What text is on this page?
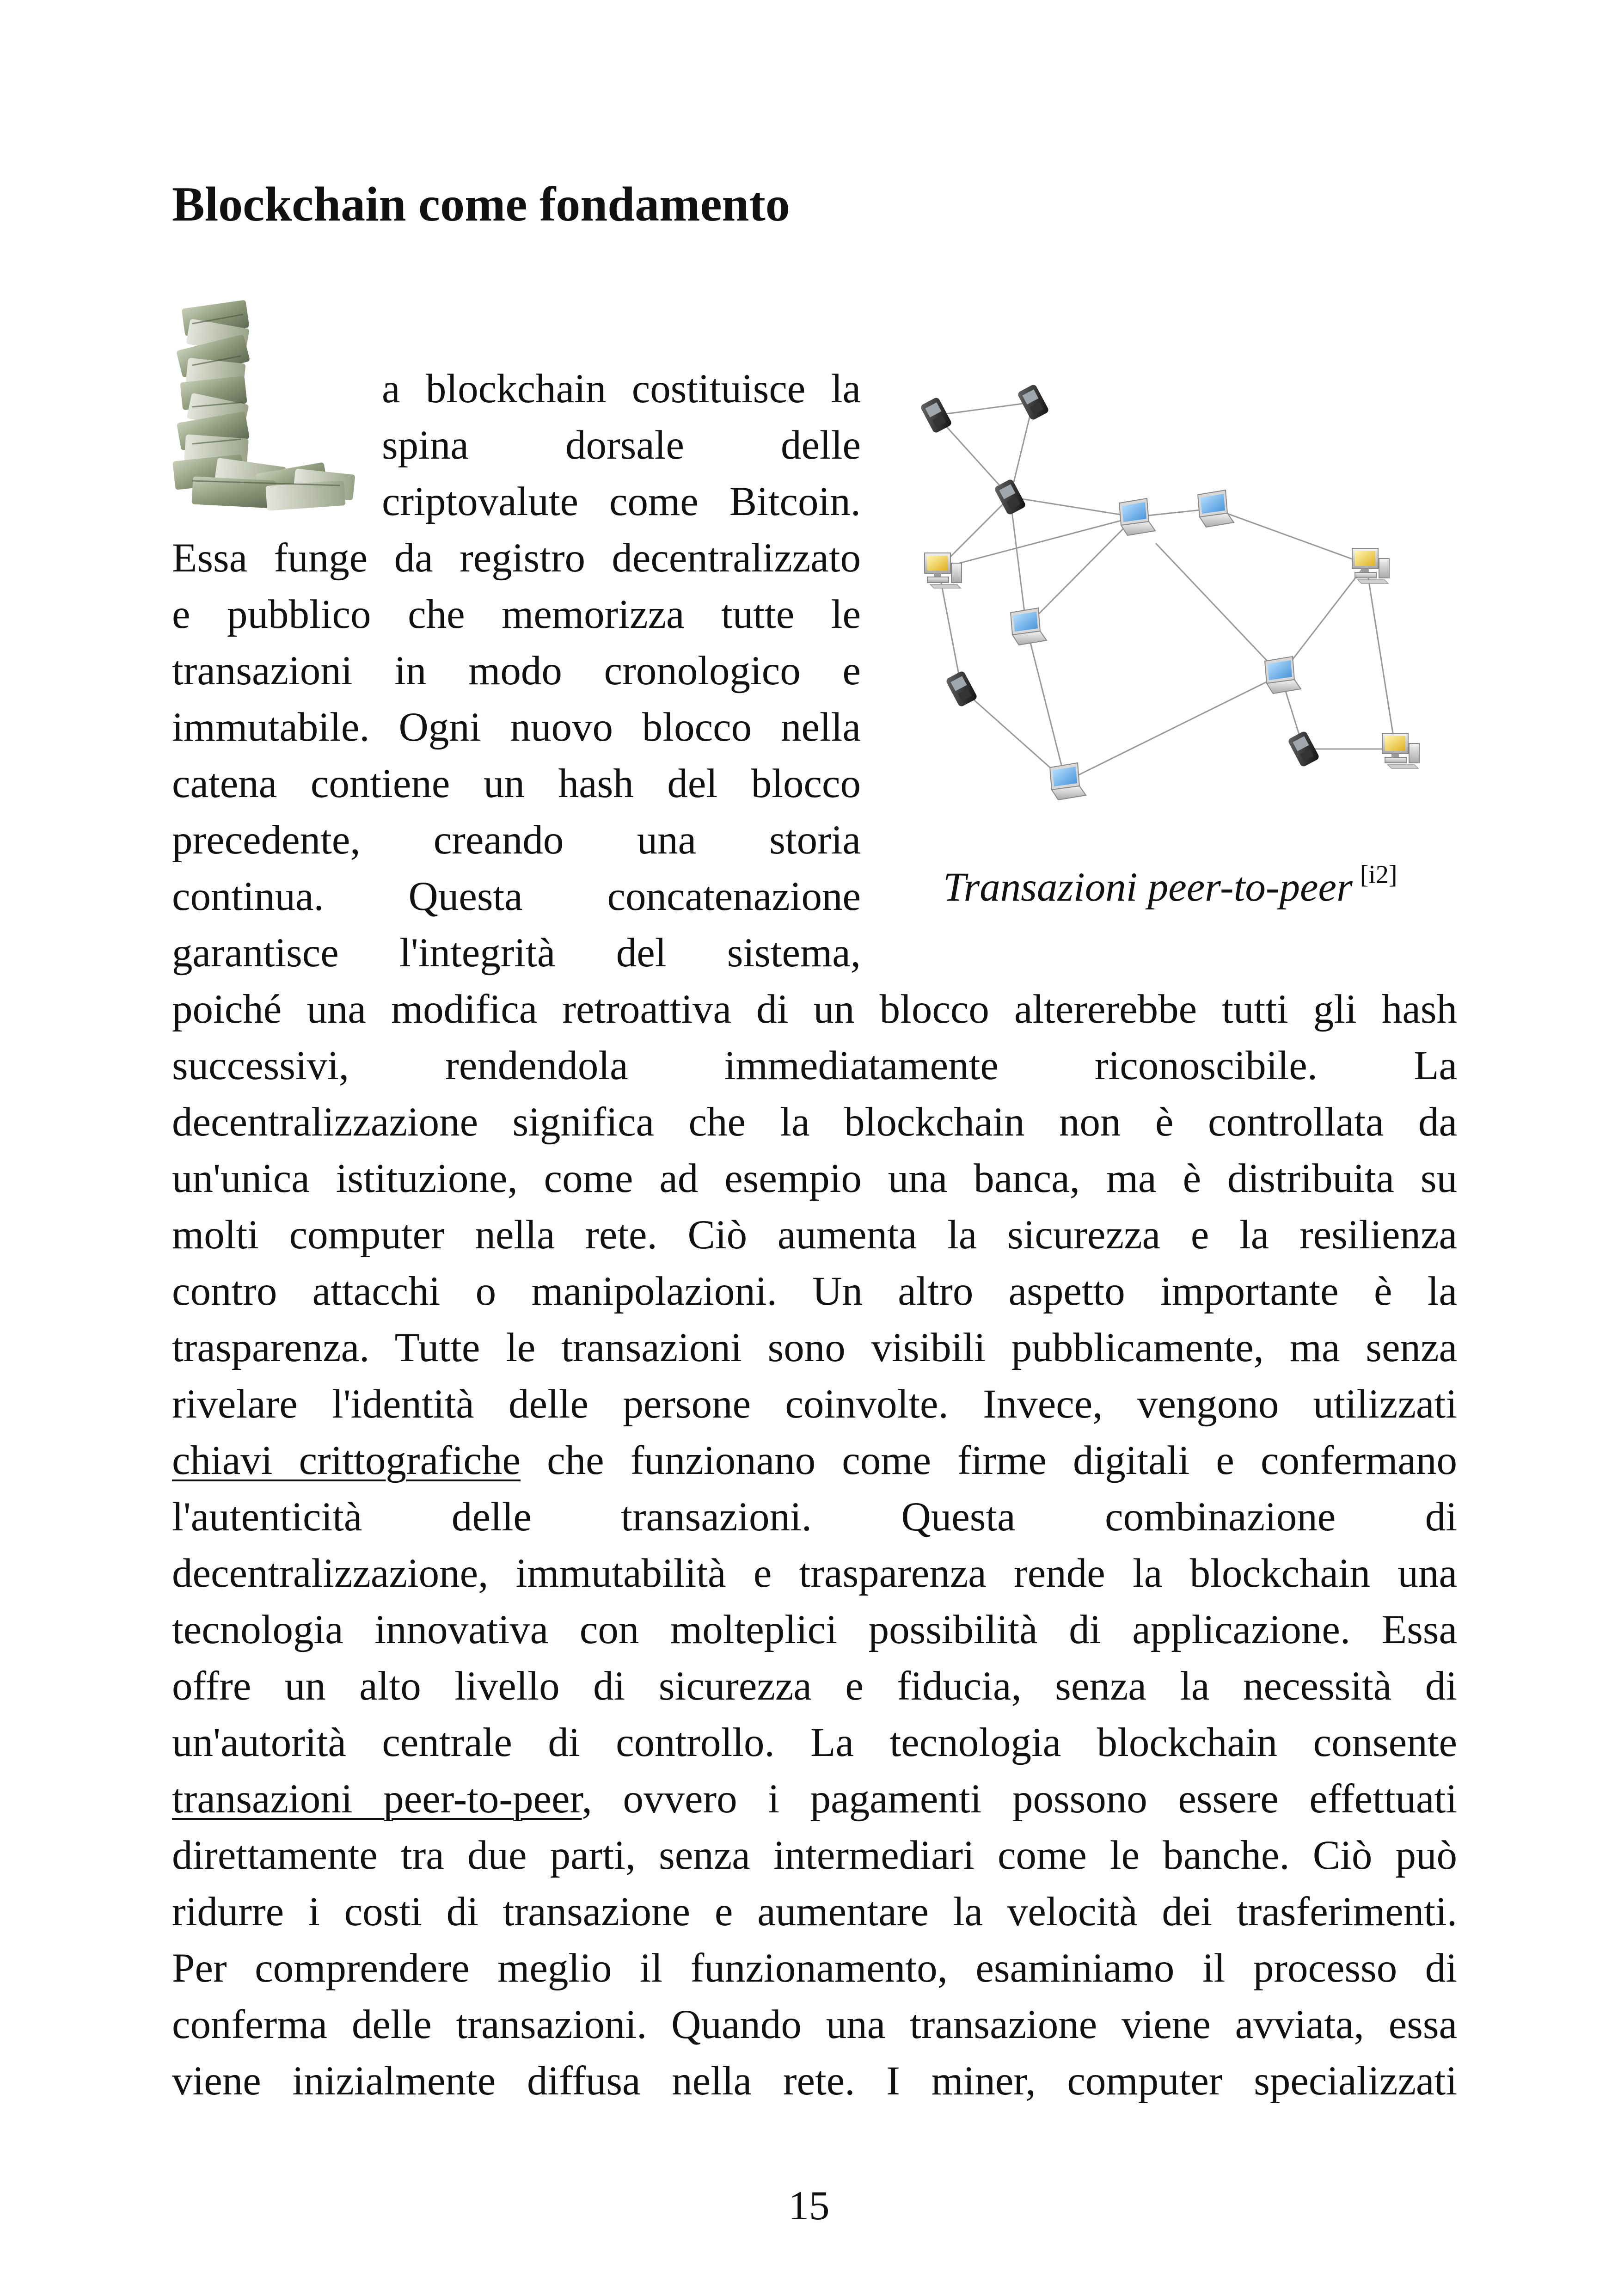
Blockchain come fondamento
a blockchain costituisce la
spina dorsale delle
criptovalute come Bitcoin.
Essa funge da registro decentralizzato
e pubblico che memorizza tutte le
transazioni in modo cronologico e
immutabile. Ogni nuovo blocco nella
catena contiene un hash del blocco
precedente, creando una storia
continua. Questa concatenazione
garantisce l'integrità del sistema,
poiché una modifica retroattiva di un blocco altererebbe tutti gli hash
successivi, rendendola immediatamente riconoscibile. La
decentralizzazione significa che la blockchain non è controllata da
un'unica istituzione, come ad esempio una banca, ma è distribuita su
molti computer nella rete. Ciò aumenta la sicurezza e la resilienza
contro attacchi o manipolazioni. Un altro aspetto importante è la
trasparenza. Tutte le transazioni sono visibili pubblicamente, ma senza
rivelare l'identità delle persone coinvolte. Invece, vengono utilizzati
chiavi crittografiche che funzionano come firme digitali e confermano
l'autenticità delle transazioni. Questa combinazione di
decentralizzazione, immutabilità e trasparenza rende la blockchain una
tecnologia innovativa con molteplici possibilità di applicazione. Essa
offre un alto livello di sicurezza e fiducia, senza la necessità di
un'autorità centrale di controllo. La tecnologia blockchain consente
transazioni peer-to-peer, ovvero i pagamenti possono essere effettuati
direttamente tra due parti, senza intermediari come le banche. Ciò può
ridurre i costi di transazione e aumentare la velocità dei trasferimenti.
Per comprendere meglio il funzionamento, esaminiamo il processo di
conferma delle transazioni. Quando una transazione viene avviata, essa
viene inizialmente diffusa nella rete. I miner, computer specializzati
Transazioni peer-to-peer [i2]
15
